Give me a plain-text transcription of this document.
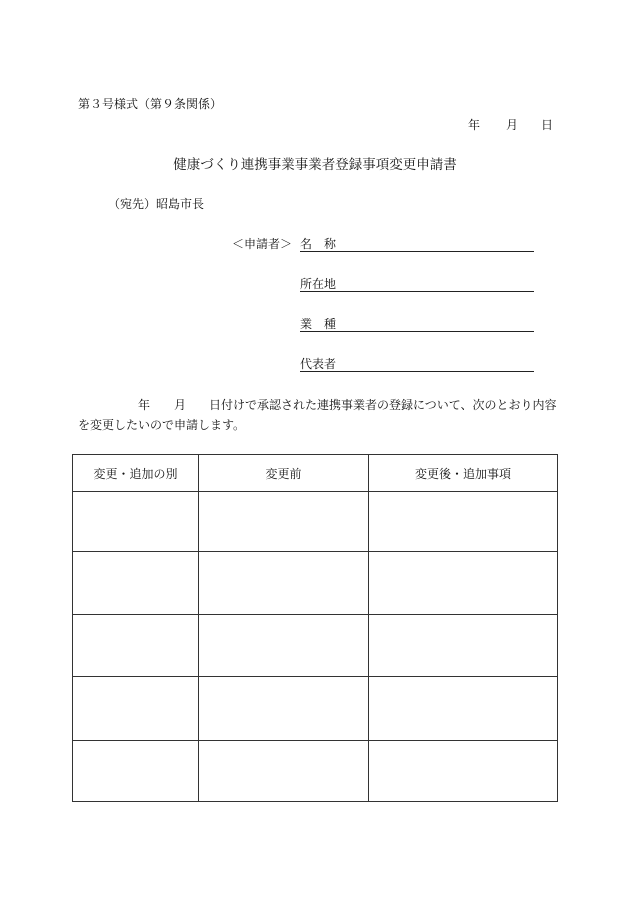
第３号様式（第９条関係）
年 月 日
健康づくり連携事業事業者登録事項変更申請書
（宛先）昭島市長
＜申請者＞ 名　称
所在地
業　種
代表者
年 月 日付けで承認された連携事業者の登録について、次のとおり内容
を変更したいので申請します。
変更・追加の別	変更前	変更後・追加事項
